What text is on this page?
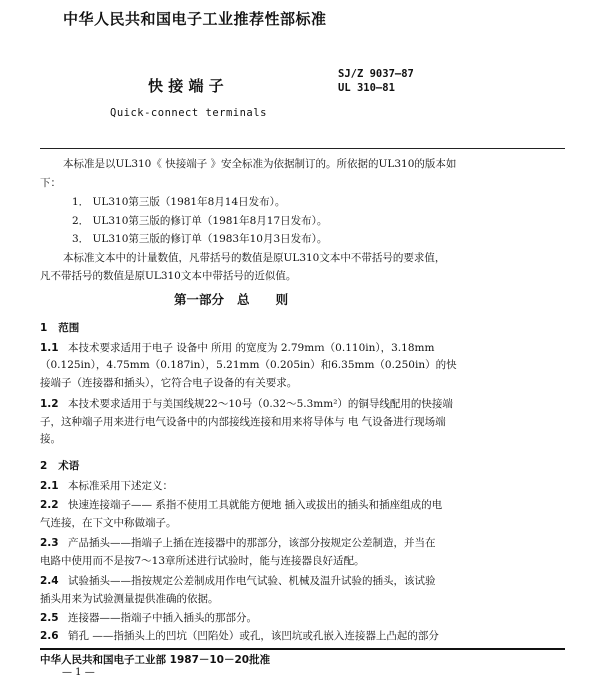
中华人民共和国电子工业推荐性部标准
快 接 端 子
Quick-connect terminals
SJ/Z 9037—87
UL 310—81
本标准是以UL310《 快接端子 》安全标准为依据制订的。所依据的UL310的版本如
下：
1． UL310第三版（1981年8月14日发布）。
2． UL310第三版的修订单（1981年8月17日发布）。
3． UL310第三版的修订单（1983年10月3日发布）。
本标准文本中的计量数值，凡带括号的数值是原UL310文本中不带括号的要求值，
凡不带括号的数值是原UL310文本中带括号的近似值。
第一部分   总      则
1   范围
1.1 本技术要求适用于电子 设备中 所用 的宽度为 2.79mｍ（0.110in），3.18mm
（0.125in），4.75mm（0.187in），5.21mm（0.205in）和6.35mm（0.250in）的快
接端子（连接器和插头），它符合电子设备的有关要求。
1.2 本技术要求适用于与美国线规22～10号（0.32～5.3mm²）的铜导线配用的快接端
子，这种端子用来进行电气设备中的内部接线连接和用来将导体与 电 气设备进行现场端
接。
2   术语
2.1 本标准采用下述定义：
2.2 快速连接端子—— 系指不使用工具就能方便地 插入或拔出的插头和插座组成的电
气连接，在下文中称做端子。
2.3 产品插头——指端子上插在连接器中的那部分，该部分按规定公差制造，并当在
电路中使用而不是按7～13章所述进行试验时，能与连接器良好适配。
2.4 试验插头——指按规定公差制成用作电气试验、机械及温升试验的插头，该试验
插头用来为试验测量提供准确的依据。
2.5 连接器——指端子中插入插头的那部分。
2.6 销孔 ——指插头上的凹坑（凹陷处）或孔，该凹坑或孔嵌入连接器上凸起的部分
中华人民共和国电子工业部 1987－10－20批准
— 1 —
